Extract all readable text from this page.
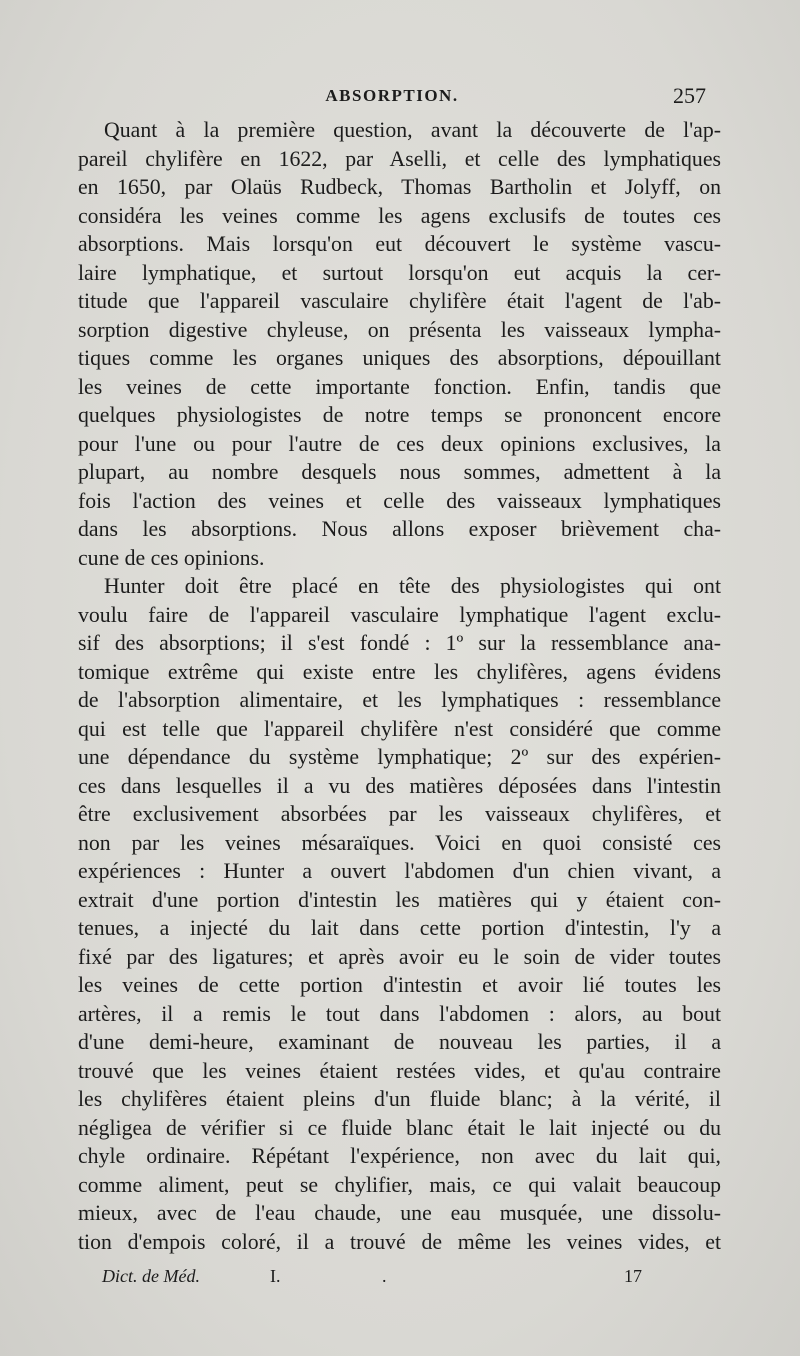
ABSORPTION.	257
Quant à la première question, avant la découverte de l'ap-
pareil chylifère en 1622, par Aselli, et celle des lymphatiques
en 1650, par Olaüs Rudbeck, Thomas Bartholin et Jolyff, on
considéra les veines comme les agens exclusifs de toutes ces
absorptions. Mais lorsqu'on eut découvert le système vascu-
laire lymphatique, et surtout lorsqu'on eut acquis la cer-
titude que l'appareil vasculaire chylifère était l'agent de l'ab-
sorption digestive chyleuse, on présenta les vaisseaux lympha-
tiques comme les organes uniques des absorptions, dépouillant
les veines de cette importante fonction. Enfin, tandis que
quelques physiologistes de notre temps se prononcent encore
pour l'une ou pour l'autre de ces deux opinions exclusives, la
plupart, au nombre desquels nous sommes, admettent à la
fois l'action des veines et celle des vaisseaux lymphatiques
dans les absorptions. Nous allons exposer brièvement cha-
cune de ces opinions.
Hunter doit être placé en tête des physiologistes qui ont
voulu faire de l'appareil vasculaire lymphatique l'agent exclu-
sif des absorptions; il s'est fondé : 1º sur la ressemblance ana-
tomique extrême qui existe entre les chylifères, agens évidens
de l'absorption alimentaire, et les lymphatiques : ressemblance
qui est telle que l'appareil chylifère n'est considéré que comme
une dépendance du système lymphatique; 2º sur des expérien-
ces dans lesquelles il a vu des matières déposées dans l'intestin
être exclusivement absorbées par les vaisseaux chylifères, et
non par les veines mésaraïques. Voici en quoi consisté ces
expériences : Hunter a ouvert l'abdomen d'un chien vivant, a
extrait d'une portion d'intestin les matières qui y étaient con-
tenues, a injecté du lait dans cette portion d'intestin, l'y a
fixé par des ligatures; et après avoir eu le soin de vider toutes
les veines de cette portion d'intestin et avoir lié toutes les
artères, il a remis le tout dans l'abdomen : alors, au bout
d'une demi-heure, examinant de nouveau les parties, il a
trouvé que les veines étaient restées vides, et qu'au contraire
les chylifères étaient pleins d'un fluide blanc; à la vérité, il
négligea de vérifier si ce fluide blanc était le lait injecté ou du
chyle ordinaire. Répétant l'expérience, non avec du lait qui,
comme aliment, peut se chylifier, mais, ce qui valait beaucoup
mieux, avec de l'eau chaude, une eau musquée, une dissolu-
tion d'empois coloré, il a trouvé de même les veines vides, et
Dict. de Méd.	I.	.	17
